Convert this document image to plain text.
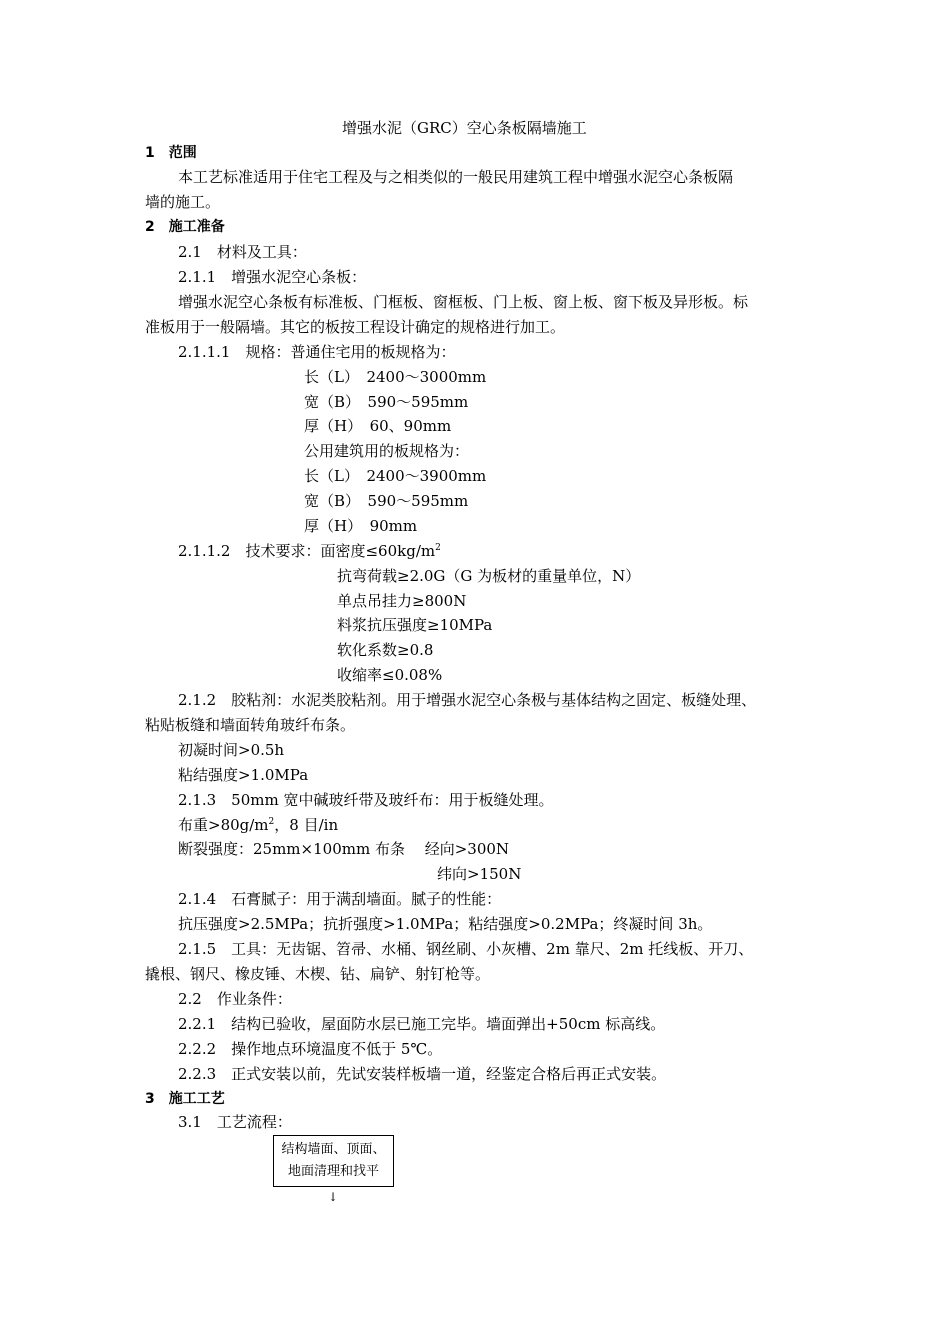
增强水泥（GRC）空心条板隔墙施工
1　范围
本工艺标准适用于住宅工程及与之相类似的一般民用建筑工程中增强水泥空心条板隔
墙的施工。
2　施工准备
2.1　材料及工具：
2.1.1　增强水泥空心条板：
增强水泥空心条板有标准板、门框板、窗框板、门上板、窗上板、窗下板及异形板。标
准板用于一般隔墙。其它的板按工程设计确定的规格进行加工。
2.1.1.1　规格：普通住宅用的板规格为：
长（L）　2400～3000mm
宽（B）　590～595mm
厚（H）　60、90mm
公用建筑用的板规格为：
长（L）　2400～3900mm
宽（B）　590～595mm
厚（H）　90mm
2.1.1.2　技术要求：面密度$\le 60kg/m^2$
抗弯荷载≥2.0G（G 为板材的重量单位，N）
单点吊挂力≥800N
料浆抗压强度≥10MPa
软化系数≥0.8
收缩率≤0.08%
2.1.2　胶粘剂：水泥类胶粘剂。用于增强水泥空心条极与基体结构之固定、板缝处理、
粘贴板缝和墙面转角玻纤布条。
初凝时间>0.5h
粘结强度>1.0MPa
2.1.3　50mm 宽中碱玻纤带及玻纤布：用于板缝处理。
布重$>80g/m^2$，8 目/in
断裂强度：25mm×100mm 布条　 经向>300N
纬向>150N
2.1.4　石膏腻子：用于满刮墙面。腻子的性能：
抗压强度>2.5MPa；抗折强度>1.0MPa；粘结强度>0.2MPa；终凝时间 3h。
2.1.5　工具：无齿锯、笤帚、水桶、钢丝刷、小灰槽、2m 靠尺、2m 托线板、开刀、
撬根、钢尺、橡皮锤、木楔、钻、扁铲、射钉枪等。
2.2　作业条件：
2.2.1　结构已验收，屋面防水层已施工完毕。墙面弹出+50cm 标高线。
2.2.2　操作地点环境温度不低于 5℃。
2.2.3　正式安装以前，先试安装样板墙一道，经鉴定合格后再正式安装。
3　施工工艺
3.1　工艺流程：
结构墙面、顶面、
地面清理和找平
↓
